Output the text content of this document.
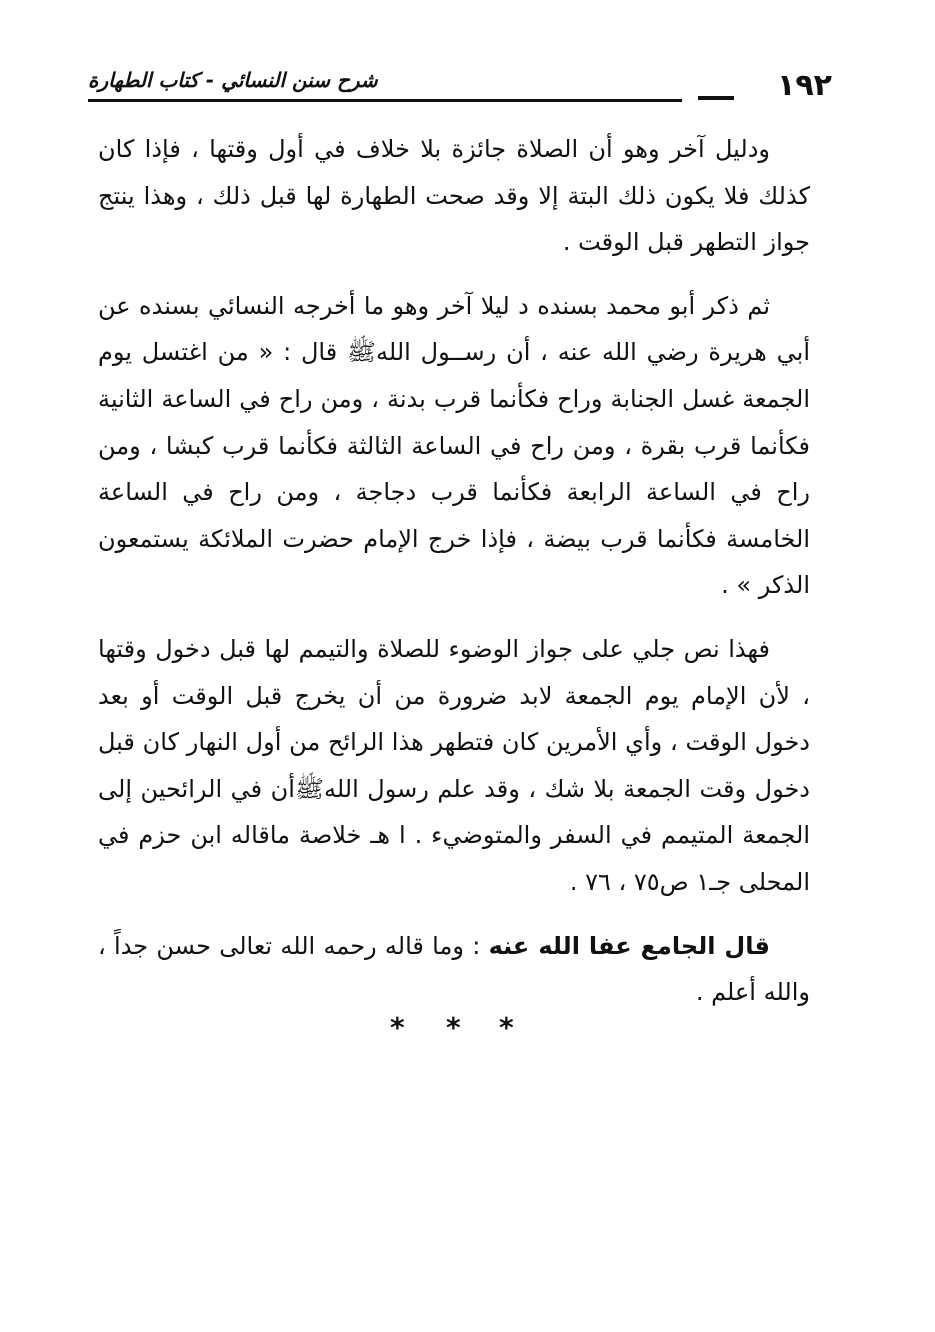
١٩٢
شرح سنن النسائي - كتاب الطهارة

ودليل آخر وهو أن الصلاة جائزة بلا خلاف في أول وقتها ، فإذا كان كذلك فلا يكون ذلك البتة إلا وقد صحت الطهارة لها قبل ذلك ، وهذا ينتج جواز التطهر قبل الوقت .

ثم ذكر أبو محمد بسنده د ليلا آخر وهو ما أخرجه النسائي بسنده عن أبي هريرة رضي الله عنه ، أن رســول اللهﷺ قال : « من اغتسل يوم الجمعة غسل الجنابة وراح فكأنما قرب بدنة ، ومن راح في الساعة الثانية فكأنما قرب بقرة ، ومن راح في الساعة الثالثة فكأنما قرب كبشا ، ومن راح في الساعة الرابعة فكأنما قرب دجاجة ، ومن راح في الساعة الخامسة فكأنما قرب بيضة ، فإذا خرج الإمام حضرت الملائكة يستمعون الذكر » .

فهذا نص جلي على جواز الوضوء للصلاة والتيمم لها قبل دخول وقتها ، لأن الإمام يوم الجمعة لابد ضرورة من أن يخرج قبل الوقت أو بعد دخول الوقت ، وأي الأمرين كان فتطهر هذا الرائح من أول النهار كان قبل دخول وقت الجمعة بلا شك ، وقد علم رسول اللهﷺأن في الرائحين إلى الجمعة المتيمم في السفر والمتوضيء . ا هـ خلاصة ماقاله ابن حزم في المحلى جـ١ ص٧٥ ، ٧٦ .

قال الجامع عفا الله عنه : وما قاله رحمه الله تعالى حسن جداً ، والله أعلم .

* * *
